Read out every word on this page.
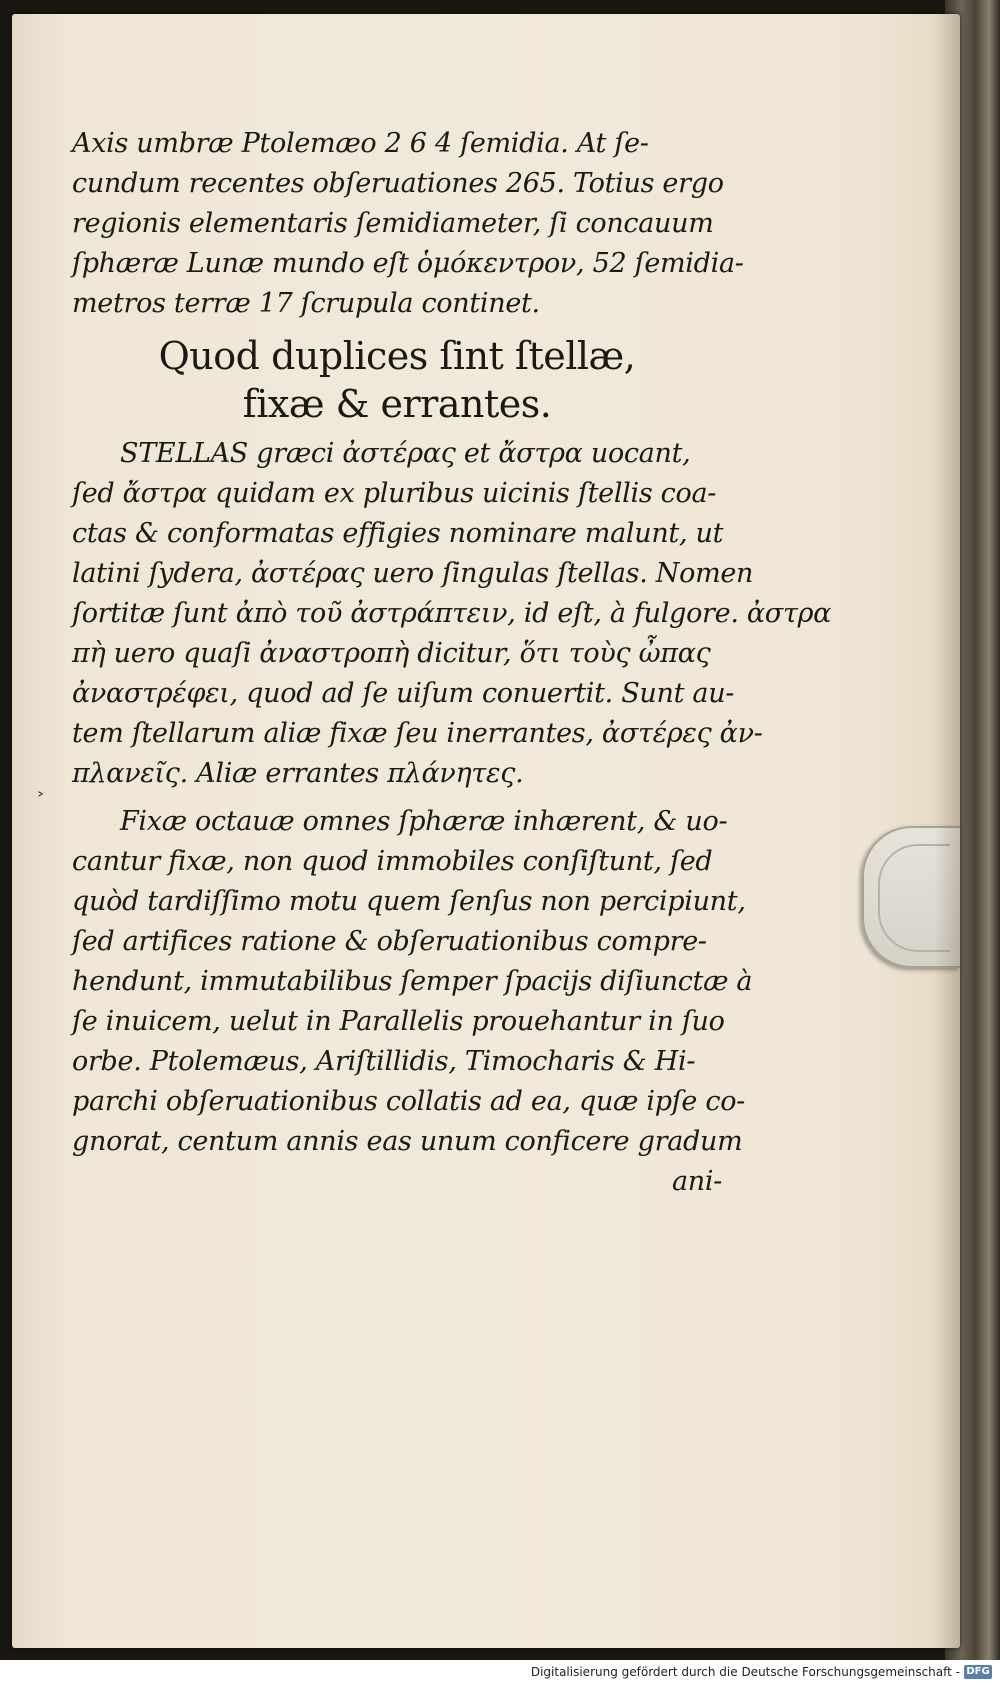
˃
Axis umbræ Ptolemæo 2 6 4 ſemidia. At ſe-
cundum recentes obſeruationes 265. Totius ergo
regionis elementaris ſemidiameter, ſi concauum
ſphæræ Lunæ mundo eſt ὁμόκεντρον, 52 ſemidia-
metros terræ 17 ſcrupula continet.
Quod duplices ſint ſtellæ,
fixæ & errantes.
STELLAS græci ἀστέρας et ἄστρα uocant,
ſed ἄστρα quidam ex pluribus uicinis ſtellis coa-
ctas & conformatas effigies nominare malunt, ut
latini ſydera, ἀστέρας uero ſingulas ſtellas. Nomen
ſortitæ ſunt ἀπὸ τοῦ ἀστράπτειν, id eſt, à fulgore. ἀστρα
πὴ uero quaſi ἀναστροπὴ dicitur, ὅτι τοὺς ὦπας
ἀναστρέφει, quod ad ſe uiſum conuertit. Sunt au-
tem ſtellarum aliæ fixæ ſeu inerrantes, ἀστέρες ἀν-
πλανεῖς. Aliæ errantes πλάνητες.
Fixæ octauæ omnes ſphæræ inhærent, & uo-
cantur fixæ, non quod immobiles conſiſtunt, ſed
quòd tardiſſimo motu quem ſenſus non percipiunt,
ſed artifices ratione & obſeruationibus compre-
hendunt, immutabilibus ſemper ſpacijs diſiunctæ à
ſe inuicem, uelut in Parallelis prouehantur in ſuo
orbe. Ptolemæus, Ariſtillidis, Timocharis & Hi-
parchi obſeruationibus collatis ad ea, quæ ipſe co-
gnorat, centum annis eas unum conficere gradum
ani-
Digitalisierung gefördert durch die Deutsche Forschungsgemeinschaft - DFG
